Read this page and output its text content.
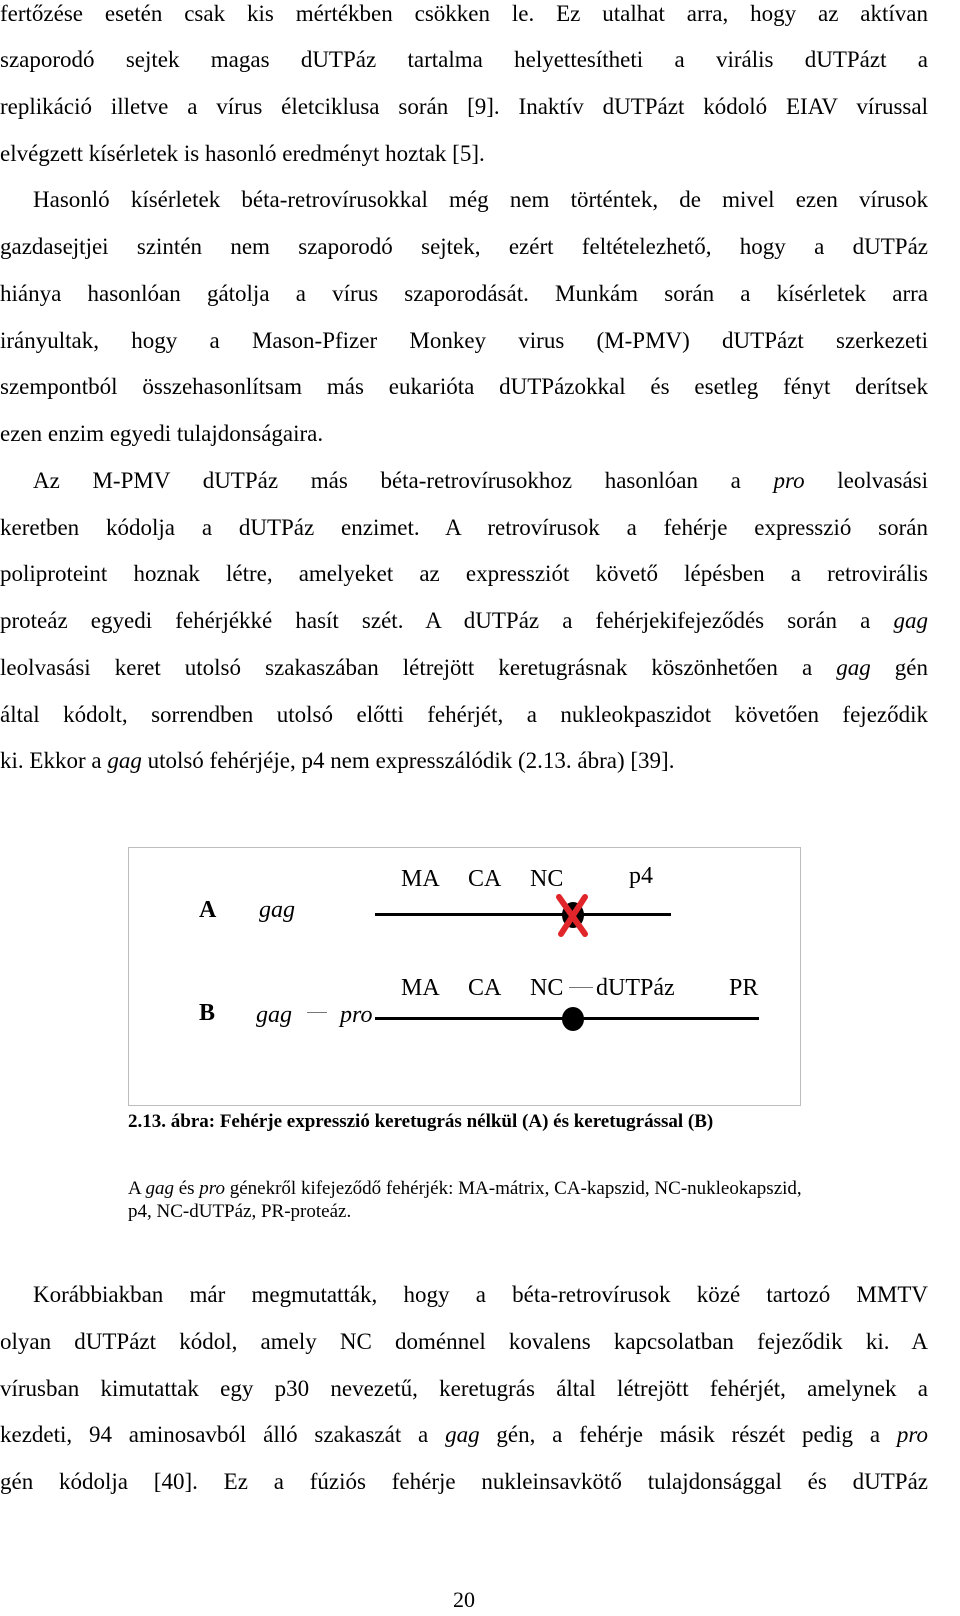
fertőzése esetén csak kis mértékben csökken le. Ez utalhat arra, hogy az aktívan
szaporodó sejtek magas dUTPáz tartalma helyettesítheti a virális dUTPázt a
replikáció illetve a vírus életciklusa során [9]. Inaktív dUTPázt kódoló EIAV vírussal
elvégzett kísérletek is hasonló eredményt hoztak [5].
Hasonló kísérletek béta-retrovírusokkal még nem történtek, de mivel ezen vírusok
gazdasejtjei szintén nem szaporodó sejtek, ezért feltételezhető, hogy a dUTPáz
hiánya hasonlóan gátolja a vírus szaporodását. Munkám során a kísérletek arra
irányultak, hogy a Mason-Pfizer Monkey virus (M-PMV) dUTPázt szerkezeti
szempontból összehasonlítsam más eukarióta dUTPázokkal és esetleg fényt derítsek
ezen enzim egyedi tulajdonságaira.
Az M-PMV dUTPáz más béta-retrovírusokhoz hasonlóan a pro leolvasási
keretben kódolja a dUTPáz enzimet. A retrovírusok a fehérje expresszió során
poliproteint hoznak létre, amelyeket az expressziót követő lépésben a retrovirális
proteáz egyedi fehérjékké hasít szét. A dUTPáz a fehérjekifejeződés során a gag
leolvasási keret utolsó szakaszában létrejött keretugrásnak köszönhetően a gag gén
által kódolt, sorrendben utolsó előtti fehérjét, a nukleokpaszidot követően fejeződik
ki. Ekkor a gag utolsó fehérjéje, p4 nem expresszálódik (2.13. ábra) [39].
A gag
MA CA NC	p4
B gag pro
MA CA NC dUTPáz PR
2.13. ábra: Fehérje expresszió keretugrás nélkül (A) és keretugrással (B)
A gag és pro génekről kifejeződő fehérjék: MA-mátrix, CA-kapszid, NC-nukleokapszid, p4, NC-dUTPáz, PR-proteáz.
Korábbiakban már megmutatták, hogy a béta-retrovírusok közé tartozó MMTV
olyan dUTPázt kódol, amely NC doménnel kovalens kapcsolatban fejeződik ki. A
vírusban kimutattak egy p30 nevezetű, keretugrás által létrejött fehérjét, amelynek a
kezdeti, 94 aminosavból álló szakaszát a gag gén, a fehérje másik részét pedig a pro
gén kódolja [40]. Ez a fúziós fehérje nukleinsavkötő tulajdonsággal és dUTPáz
20
